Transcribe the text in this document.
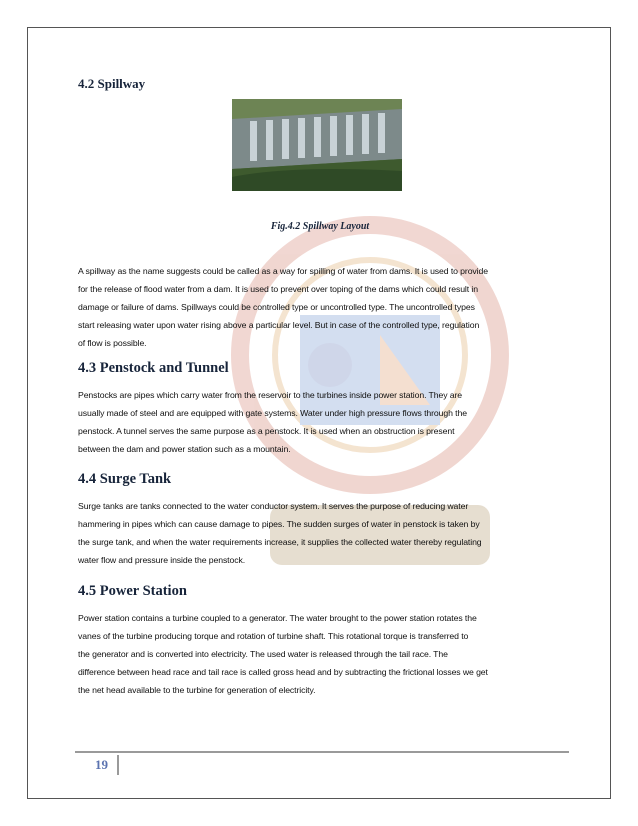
Fig.4.2 Spillway Layout
4.2 Spillway
A spillway as the name suggests could be called as a way for spilling of water from dams. It is used to provide
for the release of flood water from a dam. It is used to prevent over toping of the dams which could result in
damage or failure of dams. Spillways could be controlled type or uncontrolled type. The uncontrolled types
start releasing water upon water rising above a particular level. But in case of the controlled type, regulation
of flow is possible.
4.3 Penstock and Tunnel
Penstocks are pipes which carry water from the reservoir to the turbines inside power station. They are
usually made of steel and are equipped with gate systems. Water under high pressure flows through the
penstock. A tunnel serves the same purpose as a penstock. It is used when an obstruction is present
between the dam and power station such as a mountain.
4.4 Surge Tank
Surge tanks are tanks connected to the water conductor system. It serves the purpose of reducing water
hammering in pipes which can cause damage to pipes. The sudden surges of water in penstock is taken by
the surge tank, and when the water requirements increase, it supplies the collected water thereby regulating
water flow and pressure inside the penstock.
4.5 Power Station
Power station contains a turbine coupled to a generator. The water brought to the power station rotates the
vanes of the turbine producing torque and rotation of turbine shaft. This rotational torque is transferred to
the generator and is converted into electricity. The used water is released through the tail race. The
difference between head race and tail race is called gross head and by subtracting the frictional losses we get
the net head available to the turbine for generation of electricity.
19
